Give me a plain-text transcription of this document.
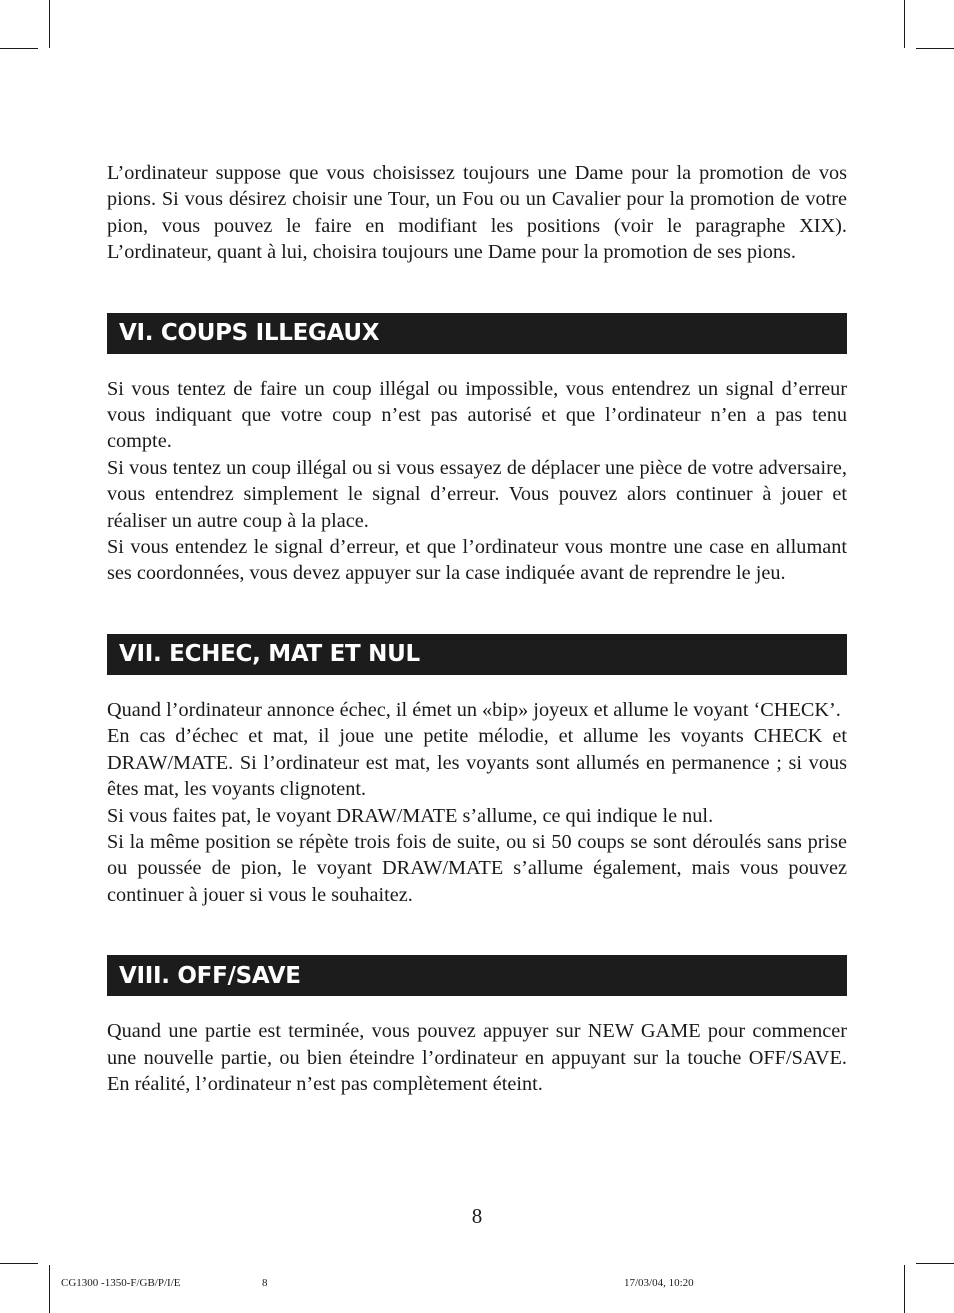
L’ordinateur suppose que vous choisissez toujours une Dame pour la promotion de vos pions. Si vous désirez choisir une Tour, un Fou ou un Cavalier pour la promotion de votre pion, vous pouvez le faire en modifiant les positions (voir le paragraphe XIX). L’ordinateur, quant à lui, choisira toujours une Dame pour la promotion de ses pions.

VI. COUPS ILLEGAUX

Si vous tentez de faire un coup illégal ou impossible, vous entendrez un signal d’erreur vous indiquant que votre coup n’est pas autorisé et que l’ordinateur n’en a pas tenu compte.

Si vous tentez un coup illégal ou si vous essayez de déplacer une pièce de votre adversaire, vous entendrez simplement le signal d’erreur. Vous pouvez alors continuer à jouer et réaliser un autre coup à la place.

Si vous entendez le signal d’erreur, et que l’ordinateur vous montre une case en allumant ses coordonnées, vous devez appuyer sur la case indiquée avant de reprendre le jeu.

VII. ECHEC, MAT ET NUL

Quand l’ordinateur annonce échec, il émet un «bip» joyeux et allume le voyant ‘CHECK’.

En cas d’échec et mat, il joue une petite mélodie, et allume les voyants CHECK et DRAW/MATE. Si l’ordinateur est mat, les voyants sont allumés en permanence ; si vous êtes mat, les voyants clignotent.

Si vous faites pat, le voyant DRAW/MATE s’allume, ce qui indique le nul.

Si la même position se répète trois fois de suite, ou si 50 coups se sont déroulés sans prise ou poussée de pion, le voyant DRAW/MATE s’allume également, mais vous pouvez continuer à jouer si vous le souhaitez.

VIII. OFF/SAVE

Quand une partie est terminée, vous pouvez appuyer sur NEW GAME pour commencer une nouvelle partie, ou bien éteindre l’ordinateur en appuyant sur la touche OFF/SAVE. En réalité, l’ordinateur n’est pas complètement éteint.

8
CG1300 -1350-F/GB/P/I/E	8	17/03/04, 10:20
